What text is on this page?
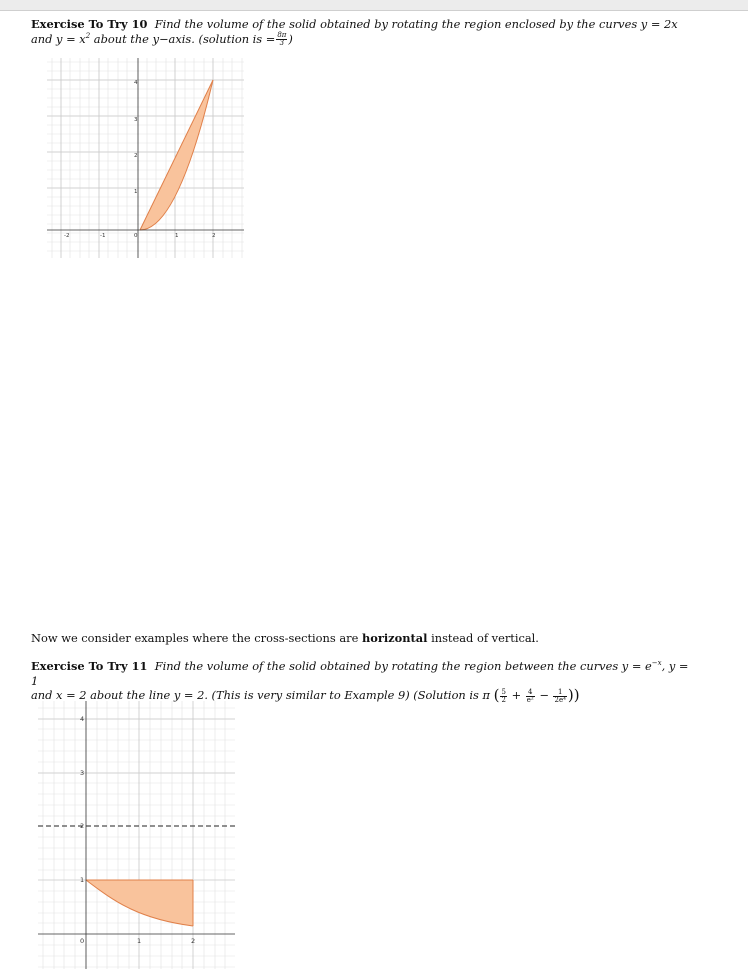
Exercise To Try 10 Find the volume of the solid obtained by rotating the region enclosed by the curves y = 2x and $y = x^2$ about the y−axis. (solution is = $\frac{8\pi}{3}$ )
-2	-1	0	1	2
1
2
3
4
Now we consider examples where the cross-sections are horizontal instead of vertical.
Exercise To Try 11 Find the volume of the solid obtained by rotating the region between the curves $y = e^{-x}$, y = 1
and x = 2 about the line y = 2. (This is very similar to Example 9) (Solution is π ( $\frac{5}{2} + \frac{4}{\text{e²}} - \frac{1}{\text{2e⁴}}$ ))
0	1	2
1
2
3
4
